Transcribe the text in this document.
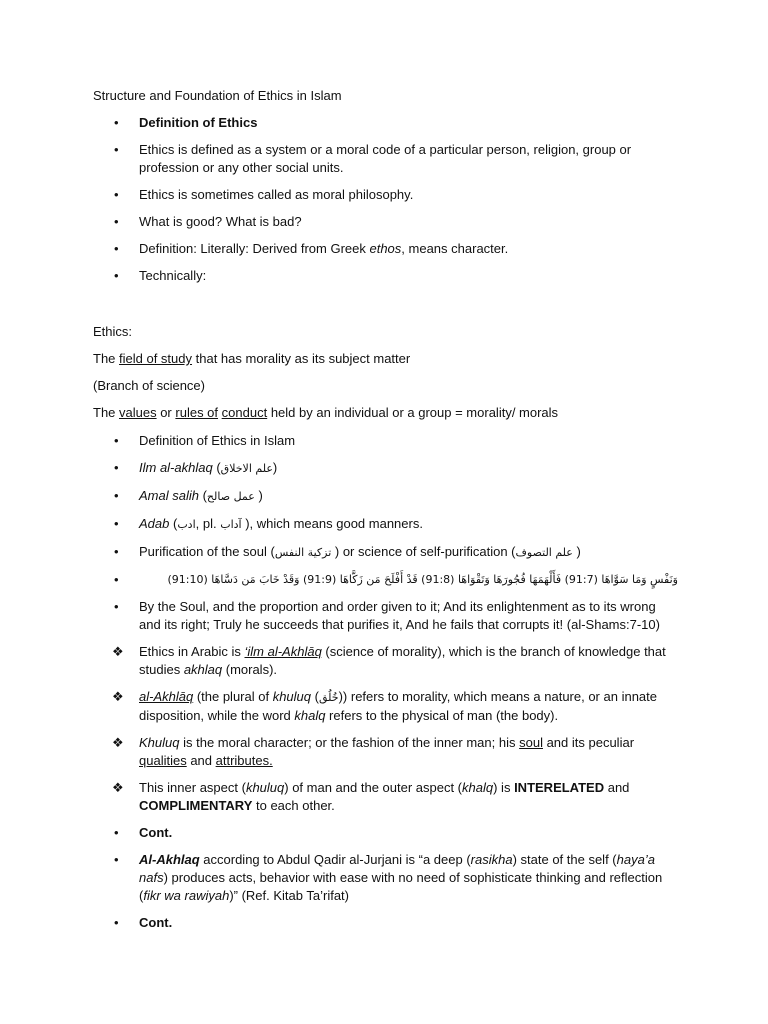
Structure and Foundation of Ethics in Islam
•	Definition of Ethics
•	Ethics is defined as a system or a moral code of a particular person, religion, group or profession or any other social units.
•	Ethics is sometimes called as moral philosophy.
•	What is good? What is bad?
•	Definition: Literally: Derived from Greek ethos, means character.
•	Technically:
Ethics:
The field of study that has morality as its subject matter
(Branch of science)
The values or rules of conduct held by an individual or a group = morality/ morals
•	Definition of Ethics in Islam
•	Ilm al-akhlaq (علم الاخلاق)
•	Amal salih (عمل صالح )
•	Adab (ادب, pl. آداب ), which means good manners.
•	Purification of the soul (تزكية النفس ) or science of self-purification (علم التصوف )
•	وَنَفْسٍ وَمَا سَوَّاهَا (91:7) فَأَلْهَمَهَا فُجُورَهَا وَتَقْوَاهَا (91:8) قَدْ أَفْلَحَ مَن زَكَّاهَا (91:9) وَقَدْ خَابَ مَن دَسَّاهَا (91:10)
•	By the Soul, and the proportion and order given to it; And its enlightenment as to its wrong and its right; Truly he succeeds that purifies it, And he fails that corrupts it! (al-Shams:7-10)
❖ Ethics in Arabic is ‘ilm al-Akhlāq (science of morality), which is the branch of knowledge that studies akhlaq (morals).
❖ al-Akhlāq (the plural of khuluq (خُلُق)) refers to morality, which means a nature, or an innate disposition, while the word khalq refers to the physical of man (the body).
❖ Khuluq is the moral character; or the fashion of the inner man; his soul and its peculiar qualities and attributes.
❖ This inner aspect (khuluq) of man and the outer aspect (khalq) is INTERELATED and COMPLIMENTARY to each other.
•	Cont.
•	Al-Akhlaq according to Abdul Qadir al-Jurjani is “a deep (rasikha) state of the self (haya’a nafs) produces acts, behavior with ease with no need of sophisticate thinking and reflection (fikr wa rawiyah)” (Ref. Kitab Ta’rifat)
•	Cont.
